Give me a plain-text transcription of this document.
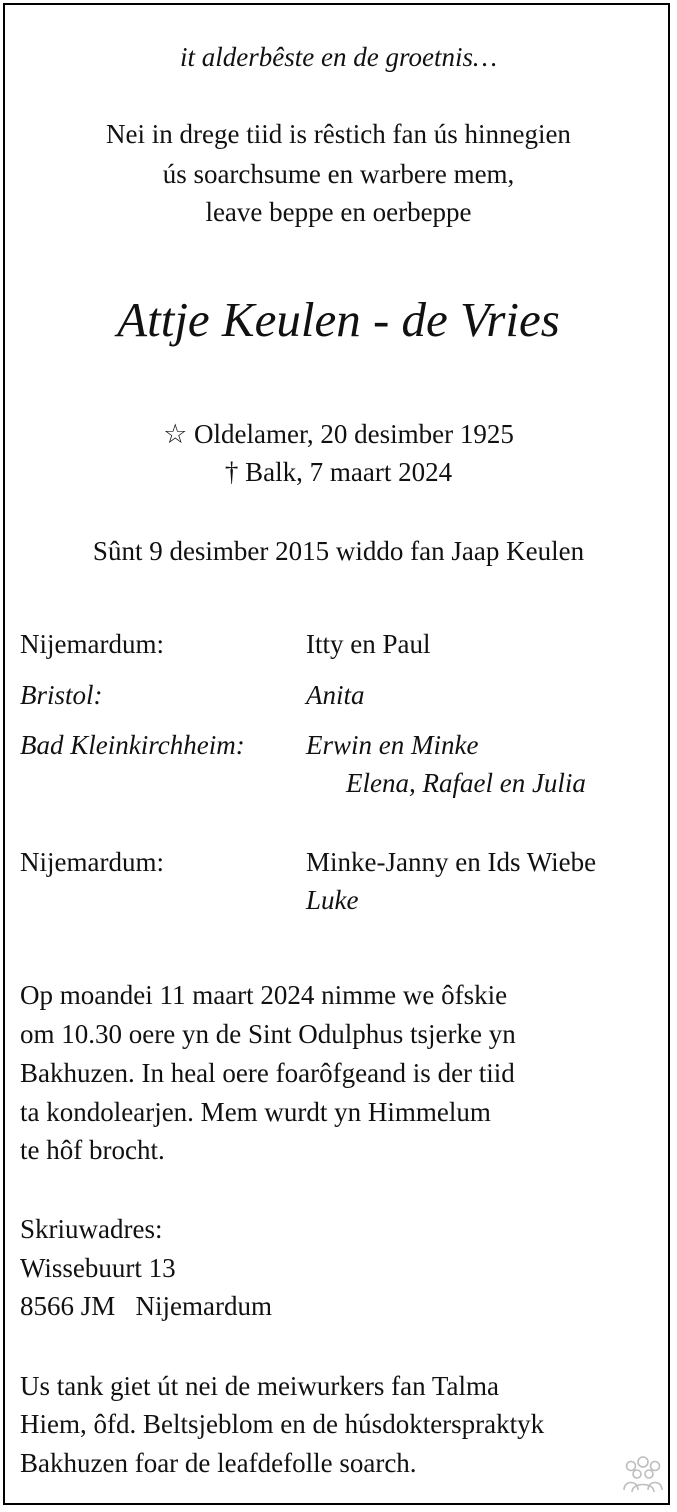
it alderbêste en de groetnis…
Nei in drege tiid is rêstich fan ús hinnegien
ús soarchsume en warbere mem,
leave beppe en oerbeppe
Attje Keulen - de Vries
☆ Oldelamer, 20 desimber 1925
† Balk, 7 maart 2024
Sûnt 9 desimber 2015 widdo fan Jaap Keulen
Nijemardum:	Itty en Paul
Bristol:	Anita
Bad Kleinkirchheim: Erwin en Minke
Elena, Rafael en Julia
Nijemardum:	Minke-Janny en Ids Wiebe
Luke
Op moandei 11 maart 2024 nimme we ôfskie
om 10.30 oere yn de Sint Odulphus tsjerke yn
Bakhuzen. In heal oere foarôfgeand is der tiid
ta kondolearjen. Mem wurdt yn Himmelum
te hôf brocht.
Skriuwadres:
Wissebuurt 13
8566 JM   Nijemardum
Us tank giet út nei de meiwurkers fan Talma
Hiem, ôfd. Beltsjeblom en de húsdokterspraktyk
Bakhuzen foar de leafdefolle soarch.
